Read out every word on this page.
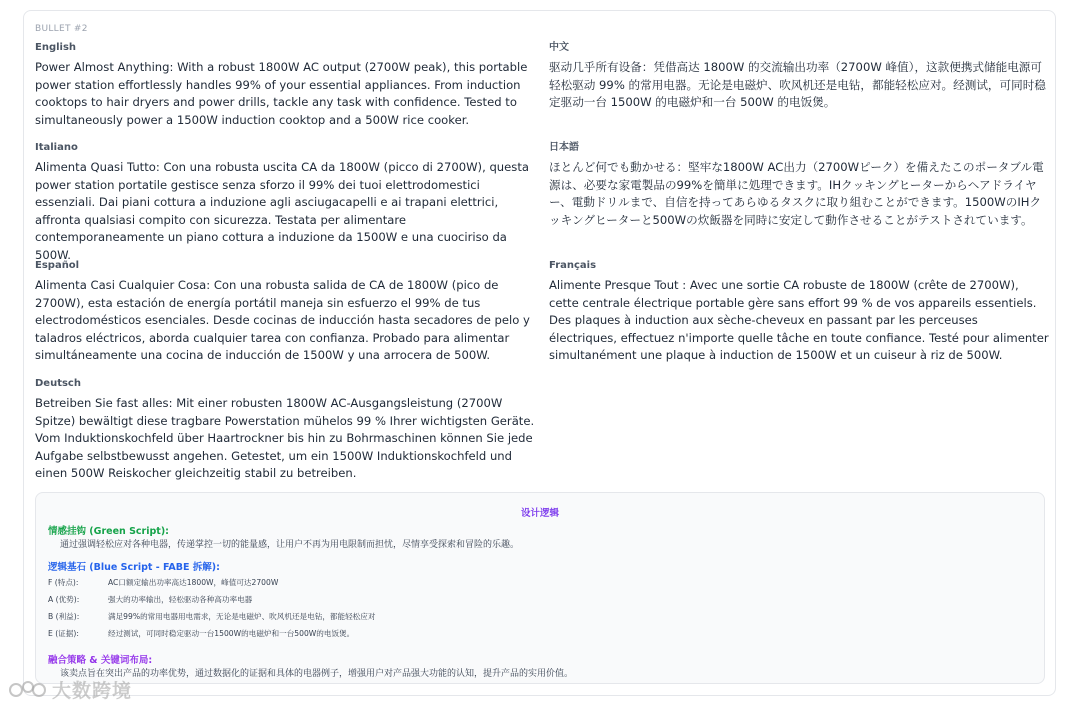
BULLET #2
English
Power Almost Anything: With a robust 1800W AC output (2700W peak), this portable power station effortlessly handles 99% of your essential appliances. From induction cooktops to hair dryers and power drills, tackle any task with confidence. Tested to simultaneously power a 1500W induction cooktop and a 500W rice cooker.
中文
驱动几乎所有设备：凭借高达 1800W 的交流输出功率（2700W 峰值），这款便携式储能电源可轻松驱动 99% 的常用电器。无论是电磁炉、吹风机还是电钻，都能轻松应对。经测试，可同时稳定驱动一台 1500W 的电磁炉和一台 500W 的电饭煲。
Italiano
Alimenta Quasi Tutto: Con una robusta uscita CA da 1800W (picco di 2700W), questa power station portatile gestisce senza sforzo il 99% dei tuoi elettrodomestici essenziali. Dai piani cottura a induzione agli asciugacapelli e ai trapani elettrici, affronta qualsiasi compito con sicurezza. Testata per alimentare contemporaneamente un piano cottura a induzione da 1500W e una cuociriso da 500W.
日本語
ほとんど何でも動かせる：堅牢な1800W AC出力（2700Wピーク）を備えたこのポータブル電源は、必要な家電製品の99%を簡単に処理できます。IHクッキングヒーターからヘアドライヤー、電動ドリルまで、自信を持ってあらゆるタスクに取り組むことができます。1500WのIHクッキングヒーターと500Wの炊飯器を同時に安定して動作させることがテストされています。
Español
Alimenta Casi Cualquier Cosa: Con una robusta salida de CA de 1800W (pico de 2700W), esta estación de energía portátil maneja sin esfuerzo el 99% de tus electrodomésticos esenciales. Desde cocinas de inducción hasta secadores de pelo y taladros eléctricos, aborda cualquier tarea con confianza. Probado para alimentar simultáneamente una cocina de inducción de 1500W y una arrocera de 500W.
Français
Alimente Presque Tout : Avec une sortie CA robuste de 1800W (crête de 2700W), cette centrale électrique portable gère sans effort 99 % de vos appareils essentiels. Des plaques à induction aux sèche-cheveux en passant par les perceuses électriques, effectuez n'importe quelle tâche en toute confiance. Testé pour alimenter simultanément une plaque à induction de 1500W et un cuiseur à riz de 500W.
Deutsch
Betreiben Sie fast alles: Mit einer robusten 1800W AC-Ausgangsleistung (2700W Spitze) bewältigt diese tragbare Powerstation mühelos 99 % Ihrer wichtigsten Geräte. Vom Induktionskochfeld über Haartrockner bis hin zu Bohrmaschinen können Sie jede Aufgabe selbstbewusst angehen. Getestet, um ein 1500W Induktionskochfeld und einen 500W Reiskocher gleichzeitig stabil zu betreiben.
设计逻辑
情感挂钩 (Green Script):
通过强调轻松应对各种电器，传递掌控一切的能量感，让用户不再为用电限制而担忧，尽情享受探索和冒险的乐趣。
逻辑基石 (Blue Script - FABE 拆解):
F (特点):	AC口额定输出功率高达1800W，峰值可达2700W
A (优势):	强大的功率输出，轻松驱动各种高功率电器
B (利益):	满足99%的常用电器用电需求，无论是电磁炉、吹风机还是电钻，都能轻松应对
E (证据):	经过测试，可同时稳定驱动一台1500W的电磁炉和一台500W的电饭煲。
融合策略 & 关键词布局:
该卖点旨在突出产品的功率优势，通过数据化的证据和具体的电器例子，增强用户对产品强大功能的认知，提升产品的实用价值。
大数跨境
